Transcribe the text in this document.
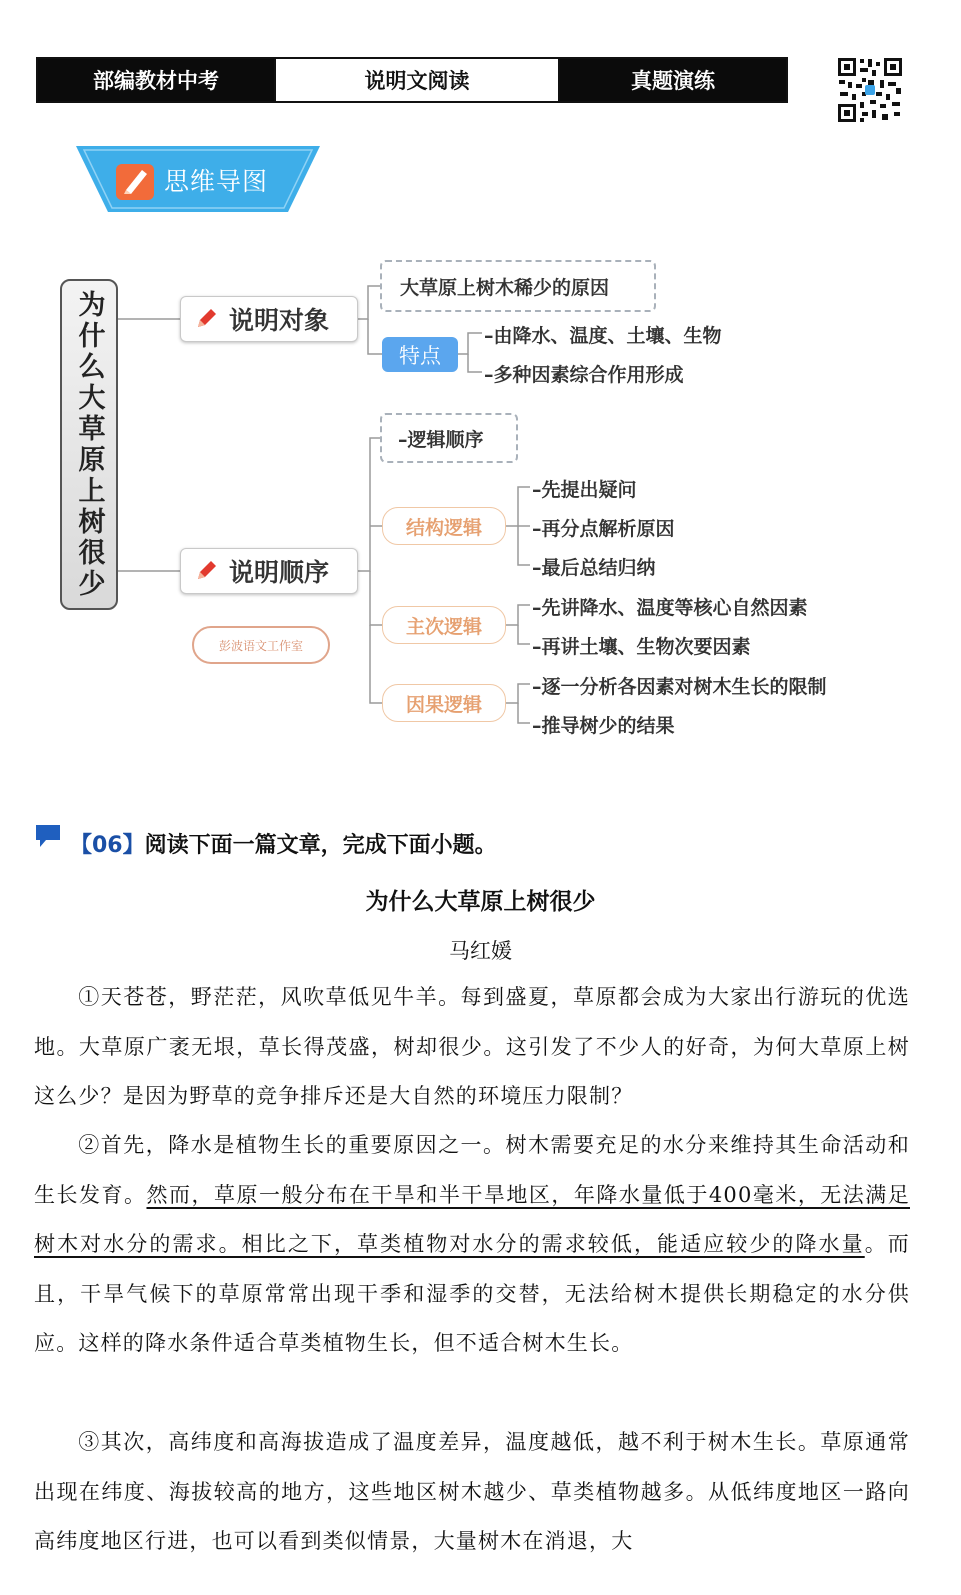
部编教材中考	说明文阅读	真题演练
思维导图
为什么大草原上树很少	说明对象
大草原上树木稀少的原因
特点
–由降水、温度、土壤、生物
–多种因素综合作用形成
说明顺序
–逻辑顺序
结构逻辑
–先提出疑问
–再分点解析原因
–最后总结归纳
主次逻辑
–先讲降水、温度等核心自然因素
–再讲土壤、生物次要因素
因果逻辑
–逐一分析各因素对树木生长的限制
–推导树少的结果
彭波语文工作室
【06】阅读下面一篇文章，完成下面小题。
为什么大草原上树很少
马红媛
①天苍苍，野茫茫，风吹草低见牛羊。每到盛夏，草原都会成为大家出行游玩的优选地。大草原广袤无垠，草长得茂盛，树却很少。这引发了不少人的好奇，为何大草原上树这么少？是因为野草的竞争排斥还是大自然的环境压力限制？
②首先，降水是植物生长的重要原因之一。树木需要充足的水分来维持其生命活动和生长发育。然而，草原一般分布在干旱和半干旱地区，年降水量低于400毫米，无法满足树木对水分的需求。相比之下，草类植物对水分的需求较低，能适应较少的降水量。而且，干旱气候下的草原常常出现干季和湿季的交替，无法给树木提供长期稳定的水分供应。这样的降水条件适合草类植物生长，但不适合树木生长。
③其次，高纬度和高海拔造成了温度差异，温度越低，越不利于树木生长。草原通常出现在纬度、海拔较高的地方，这些地区树木越少、草类植物越多。从低纬度地区一路向高纬度地区行进，也可以看到类似情景，大量树木在消退，大
